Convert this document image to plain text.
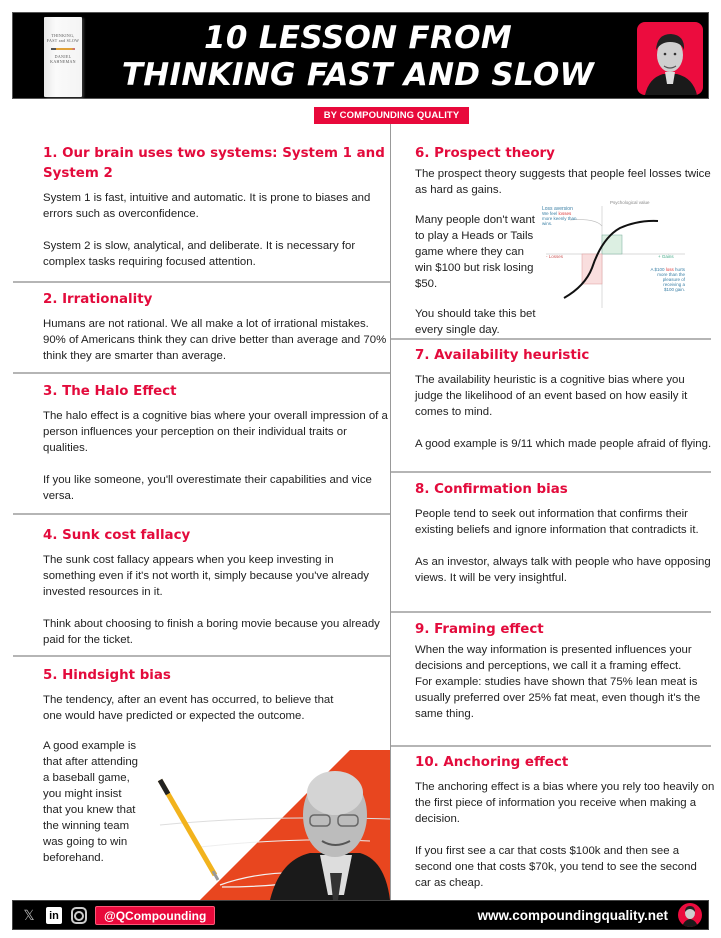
THINKING,
FAST and SLOW
DANIEL
KAHNEMAN
10 LESSON FROM
THINKING FAST AND SLOW
BY COMPOUNDING QUALITY
1. Our brain uses two systems: System 1 and System 2

System 1 is fast, intuitive and automatic. It is prone to biases and errors such as overconfidence.

System 2 is slow, analytical, and deliberate. It is necessary for complex tasks requiring focused attention.

2. Irrationality

Humans are not rational. We all make a lot of irrational mistakes. 90% of Americans think they can drive better than average and 70% think they are smarter than average.

3. The Halo Effect

The halo effect is a cognitive bias where your overall impression of a person influences your perception on their individual traits or qualities.

If you like someone, you'll overestimate their capabilities and vice versa.

4. Sunk cost fallacy

The sunk cost fallacy appears when you keep investing in something even if it's not worth it, simply because you've already invested resources in it.

Think about choosing to finish a boring movie because you already paid for the ticket.

5. Hindsight bias

The tendency, after an event has occurred, to believe that one would have predicted or expected the outcome.

A good example is that after attending a baseball game, you might insist that you knew that the winning team was going to win beforehand.

6. Prospect theory

The prospect theory suggests that people feel losses twice as hard as gains.

Many people don't want to play a Heads or Tails game where they can win $100 but risk losing $50.

You should take this bet every single day.

Psychological value
- Losses	+ Gains
Loss aversion
We feel losses
more keenly than
wins.
A $100 loss hurts
more than the
pleasure of
receiving a
$100 gain.
7. Availability heuristic

The availability heuristic is a cognitive bias where you judge the likelihood of an event based on how easily it comes to mind.

A good example is 9/11 which made people afraid of flying.

8. Confirmation bias

People tend to seek out information that confirms their existing beliefs and ignore information that contradicts it.

As an investor, always talk with people who have opposing views. It will be very insightful.

9. Framing effect

When the way information is presented influences your decisions and perceptions, we call it a framing effect.

For example: studies have shown that 75% lean meat is usually preferred over 25% fat meat, even though it's the same thing.

10. Anchoring effect

The anchoring effect is a bias where you rely too heavily on the first piece of information you receive when making a decision.

If you first see a car that costs $100k and then see a second one that costs $70k, you tend to see the second car as cheap.

𝕏 in	@QCompounding	www.compoundingquality.net
